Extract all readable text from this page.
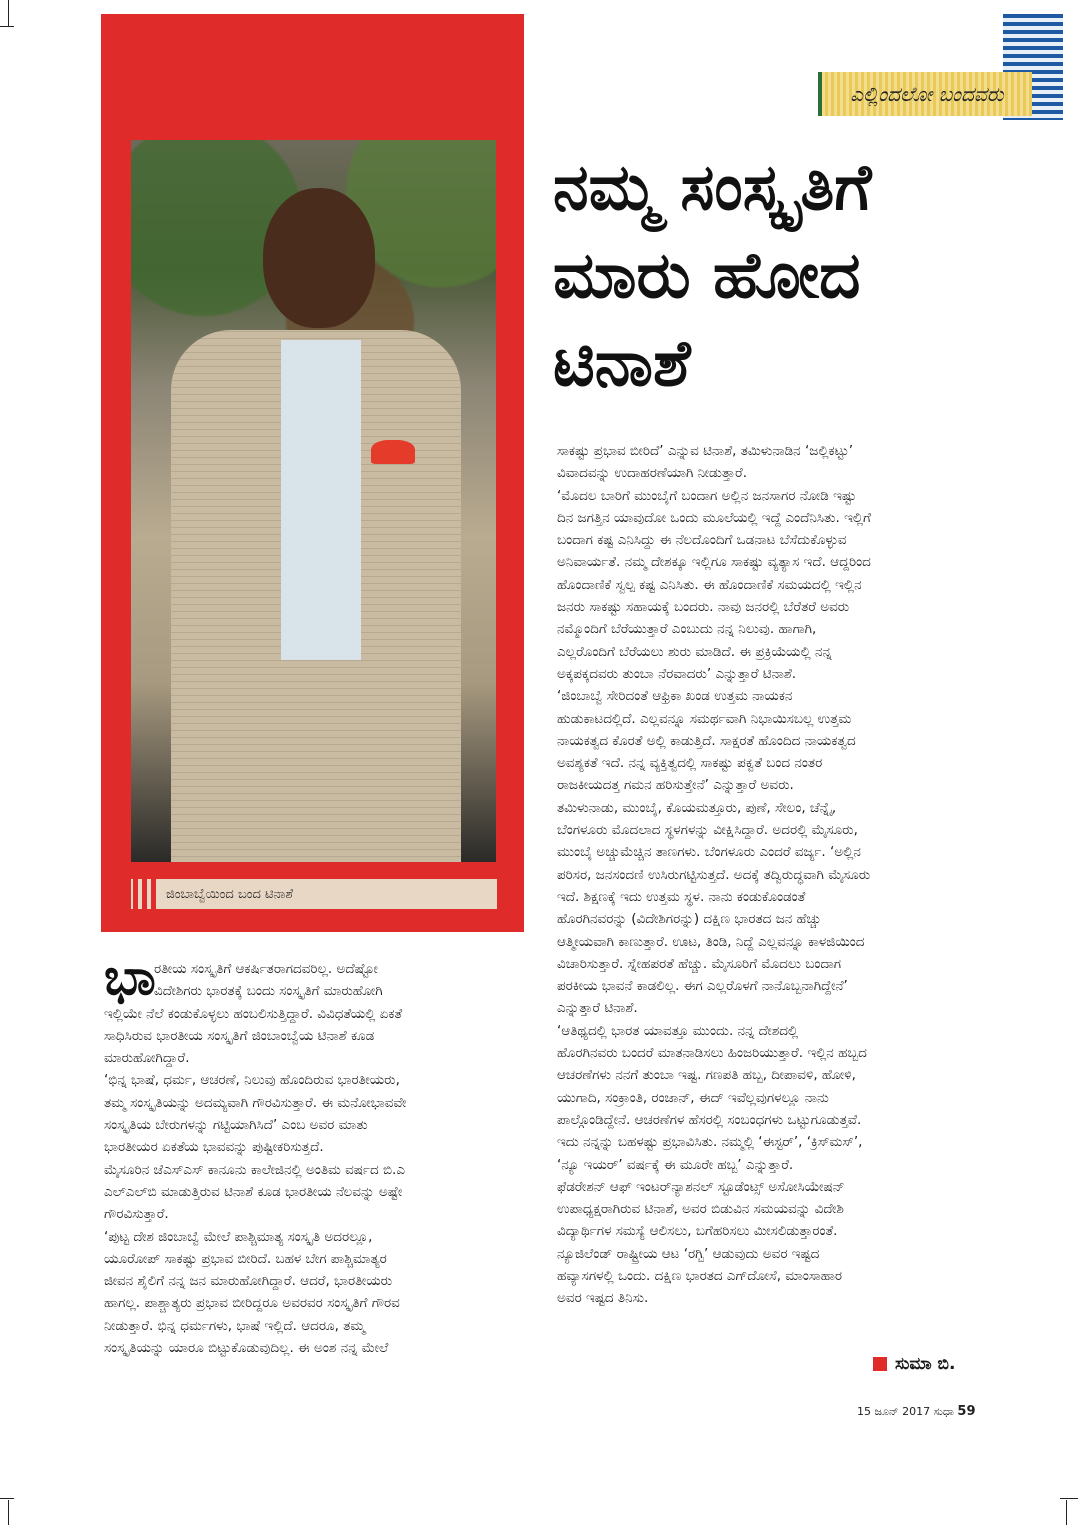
ಜಿಂಬಾಬ್ವೆಯಿಂದ ಬಂದ ಟಿನಾಶೆ
ಎಲ್ಲಿಂದಲೋ ಬಂದವರು
ನಮ್ಮ ಸಂಸ್ಕೃತಿಗೆ
ಮಾರು ಹೋದ
ಟಿನಾಶೆ
ಭಾ
ರತೀಯ ಸಂಸ್ಕೃತಿಗೆ ಆಕರ್ಷಿತರಾಗದವರಿಲ್ಲ. ಅದೆಷ್ಟೋ
ವಿದೇಶಿಗರು ಭಾರತಕ್ಕೆ ಬಂದು ಸಂಸ್ಕೃತಿಗೆ ಮಾರುಹೋಗಿ
ಇಲ್ಲಿಯೇ ನೆಲೆ ಕಂಡುಕೊಳ್ಳಲು ಹಂಬಲಿಸುತ್ತಿದ್ದಾರೆ. ವಿವಿಧತೆಯಲ್ಲಿ ಏಕತೆ
ಸಾಧಿಸಿರುವ ಭಾರತೀಯ ಸಂಸ್ಕೃತಿಗೆ ಜಿಂಬಾಂಬ್ವೆಯ ಟಿನಾಶೆ ಕೂಡ
ಮಾರುಹೋಗಿದ್ದಾರೆ.
‘ಭಿನ್ನ ಭಾಷೆ, ಧರ್ಮ, ಆಚರಣೆ, ನಿಲುವು ಹೊಂದಿರುವ ಭಾರತೀಯರು,
ತಮ್ಮ ಸಂಸ್ಕೃತಿಯನ್ನು ಅದಮ್ಯವಾಗಿ ಗೌರವಿಸುತ್ತಾರೆ. ಈ ಮನೋಭಾವವೇ
ಸಂಸ್ಕೃತಿಯ ಬೇರುಗಳನ್ನು ಗಟ್ಟಿಯಾಗಿಸಿದೆ’ ಎಂಬ ಅವರ ಮಾತು
ಭಾರತೀಯರ ಏಕತೆಯ ಭಾವವನ್ನು ಪುಷ್ಟೀಕರಿಸುತ್ತದೆ.
ಮೈಸೂರಿನ ಜೆಎಸ್‌ಎಸ್ ಕಾನೂನು ಕಾಲೇಜಿನಲ್ಲಿ ಅಂತಿಮ ವರ್ಷದ ಬಿ.ಎ
ಎಲ್‌ಎಲ್‌ಬಿ ಮಾಡುತ್ತಿರುವ ಟಿನಾಶೆ ಕೂಡ ಭಾರತೀಯ ನೆಲವನ್ನು ಅಷ್ಟೇ
ಗೌರವಿಸುತ್ತಾರೆ.
‘ಪುಟ್ಟ ದೇಶ ಜಿಂಬಾಬ್ವೆ ಮೇಲೆ ಪಾಶ್ಚಿಮಾತ್ಯ ಸಂಸ್ಕೃತಿ ಅದರಲ್ಲೂ,
ಯೂರೋಪ್ ಸಾಕಷ್ಟು ಪ್ರಭಾವ ಬೀರಿದೆ. ಬಹಳ ಬೇಗ ಪಾಶ್ಚಿಮಾತ್ಯರ
ಜೀವನ ಶೈಲಿಗೆ ನನ್ನ ಜನ ಮಾರುಹೋಗಿದ್ದಾರೆ. ಆದರೆ, ಭಾರತೀಯರು
ಹಾಗಲ್ಲ. ಪಾಶ್ಚಾತ್ಯರು ಪ್ರಭಾವ ಬೀರಿದ್ದರೂ ಅವರವರ ಸಂಸ್ಕೃತಿಗೆ ಗೌರವ
ನೀಡುತ್ತಾರೆ. ಭಿನ್ನ ಧರ್ಮಗಳು, ಭಾಷೆ ಇಲ್ಲಿದೆ. ಆದರೂ, ತಮ್ಮ
ಸಂಸ್ಕೃತಿಯನ್ನು ಯಾರೂ ಬಿಟ್ಟುಕೊಡುವುದಿಲ್ಲ. ಈ ಅಂಶ ನನ್ನ ಮೇಲೆ
ಸಾಕಷ್ಟು ಪ್ರಭಾವ ಬೀರಿದೆ’ ಎನ್ನುವ ಟಿನಾಶೆ, ತಮಿಳುನಾಡಿನ ‘ಜಲ್ಲಿಕಟ್ಟು’
ವಿವಾದವನ್ನು ಉದಾಹರಣೆಯಾಗಿ ನೀಡುತ್ತಾರೆ.
‘ಮೊದಲ ಬಾರಿಗೆ ಮುಂಬೈಗೆ ಬಂದಾಗ ಅಲ್ಲಿನ ಜನಸಾಗರ ನೋಡಿ ಇಷ್ಟು
ದಿನ ಜಗತ್ತಿನ ಯಾವುದೋ ಒಂದು ಮೂಲೆಯಲ್ಲಿ ಇದ್ದೆ ಎಂದೆನಿಸಿತು. ಇಲ್ಲಿಗೆ
ಬಂದಾಗ ಕಷ್ಟ ಎನಿಸಿದ್ದು ಈ ನೆಲದೊಂದಿಗೆ ಒಡನಾಟ ಬೆಸೆದುಕೊಳ್ಳುವ
ಅನಿವಾರ್ಯತೆ. ನಮ್ಮ ದೇಶಕ್ಕೂ ಇಲ್ಲಿಗೂ ಸಾಕಷ್ಟು ವ್ಯತ್ಯಾಸ ಇದೆ. ಆದ್ದರಿಂದ
ಹೊಂದಾಣಿಕೆ ಸ್ವಲ್ಪ ಕಷ್ಟ ಎನಿಸಿತು. ಈ ಹೊಂದಾಣಿಕೆ ಸಮಯದಲ್ಲಿ ಇಲ್ಲಿನ
ಜನರು ಸಾಕಷ್ಟು ಸಹಾಯಕ್ಕೆ ಬಂದರು. ನಾವು ಜನರಲ್ಲಿ ಬೆರೆತರೆ ಅವರು
ನಮ್ಮೊಂದಿಗೆ ಬೆರೆಯುತ್ತಾರೆ ಎಂಬುದು ನನ್ನ ನಿಲುವು. ಹಾಗಾಗಿ,
ಎಲ್ಲರೊಂದಿಗೆ ಬೆರೆಯಲು ಶುರು ಮಾಡಿದೆ. ಈ ಪ್ರಕ್ರಿಯೆಯಲ್ಲಿ ನನ್ನ
ಅಕ್ಕಪಕ್ಕದವರು ತುಂಬಾ ನೆರವಾದರು’ ಎನ್ನುತ್ತಾರೆ ಟಿನಾಶೆ.
‘ಜಿಂಬಾಬ್ವೆ ಸೇರಿದಂತೆ ಆಫ್ರಿಕಾ ಖಂಡ ಉತ್ತಮ ನಾಯಕನ
ಹುಡುಕಾಟದಲ್ಲಿದೆ. ಎಲ್ಲವನ್ನೂ ಸಮರ್ಥವಾಗಿ ನಿಭಾಯಿಸಬಲ್ಲ ಉತ್ತಮ
ನಾಯಕತ್ವದ ಕೊರತೆ ಅಲ್ಲಿ ಕಾಡುತ್ತಿದೆ. ಸಾಕ್ಷರತೆ ಹೊಂದಿದ ನಾಯಕತ್ವದ
ಅವಶ್ಯಕತೆ ಇದೆ. ನನ್ನ ವ್ಯಕ್ತಿತ್ವದಲ್ಲಿ ಸಾಕಷ್ಟು ಪಕ್ವತೆ ಬಂದ ನಂತರ
ರಾಜಕೀಯದತ್ತ ಗಮನ ಹರಿಸುತ್ತೇನೆ’ ಎನ್ನುತ್ತಾರೆ ಅವರು.
ತಮಿಳುನಾಡು, ಮುಂಬೈ, ಕೊಯಮತ್ತೂರು, ಪುಣೆ, ಸೇಲಂ, ಚೆನ್ನೈ,
ಬೆಂಗಳೂರು ಮೊದಲಾದ ಸ್ಥಳಗಳನ್ನು ವೀಕ್ಷಿಸಿದ್ದಾರೆ. ಅದರಲ್ಲಿ ಮೈಸೂರು,
ಮುಂಬೈ ಅಚ್ಚುಮೆಚ್ಚಿನ ತಾಣಗಳು. ಬೆಂಗಳೂರು ಎಂದರೆ ವರ್ಜ್ಯ. ‘ಅಲ್ಲಿನ
ಪರಿಸರ, ಜನಸಂದಣಿ ಉಸಿರುಗಟ್ಟಿಸುತ್ತದೆ. ಅದಕ್ಕೆ ತದ್ವಿರುದ್ಧವಾಗಿ ಮೈಸೂರು
ಇದೆ. ಶಿಕ್ಷಣಕ್ಕೆ ಇದು ಉತ್ತಮ ಸ್ಥಳ. ನಾನು ಕಂಡುಕೊಂಡಂತೆ
ಹೊರಗಿನವರನ್ನು (ವಿದೇಶಿಗರನ್ನು) ದಕ್ಷಿಣ ಭಾರತದ ಜನ ಹೆಚ್ಚು
ಆತ್ಮೀಯವಾಗಿ ಕಾಣುತ್ತಾರೆ. ಊಟ, ತಿಂಡಿ, ನಿದ್ದೆ ಎಲ್ಲವನ್ನೂ ಕಾಳಜಿಯಿಂದ
ವಿಚಾರಿಸುತ್ತಾರೆ. ಸ್ನೇಹಪರತೆ ಹೆಚ್ಚು. ಮೈಸೂರಿಗೆ ಮೊದಲು ಬಂದಾಗ
ಪರಕೀಯ ಭಾವನೆ ಕಾಡಲಿಲ್ಲ. ಈಗ ಎಲ್ಲರೊಳಗೆ ನಾನೊಬ್ಬನಾಗಿದ್ದೇನೆ’
ಎನ್ನುತ್ತಾರೆ ಟಿನಾಶೆ.
‘ಆತಿಥ್ಯದಲ್ಲಿ ಭಾರತ ಯಾವತ್ತೂ ಮುಂದು. ನನ್ನ ದೇಶದಲ್ಲಿ
ಹೊರಗಿನವರು ಬಂದರೆ ಮಾತನಾಡಿಸಲು ಹಿಂಜರಿಯುತ್ತಾರೆ. ಇಲ್ಲಿನ ಹಬ್ಬದ
ಆಚರಣೆಗಳು ನನಗೆ ತುಂಬಾ ಇಷ್ಟ. ಗಣಪತಿ ಹಬ್ಬ, ದೀಪಾವಳಿ, ಹೋಳಿ,
ಯುಗಾದಿ, ಸಂಕ್ರಾಂತಿ, ರಂಜಾನ್, ಈದ್ ಇವೆಲ್ಲವುಗಳಲ್ಲೂ ನಾನು
ಪಾಲ್ಗೊಂಡಿದ್ದೇನೆ. ಆಚರಣೆಗಳ ಹೆಸರಲ್ಲಿ ಸಂಬಂಧಗಳು ಒಟ್ಟುಗೂಡುತ್ತವೆ.
ಇದು ನನ್ನನ್ನು ಬಹಳಷ್ಟು ಪ್ರಭಾವಿಸಿತು. ನಮ್ಮಲ್ಲಿ ‘ಈಸ್ಟರ್’, ‘ಕ್ರಿಸ್‌ಮಸ್’,
‘ನ್ಯೂ ಇಯರ್’ ವರ್ಷಕ್ಕೆ ಈ ಮೂರೇ ಹಬ್ಬ’ ಎನ್ನುತ್ತಾರೆ.
ಫೆಡರೇಶನ್ ಆಫ್ ಇಂಟರ್‌ನ್ಯಾಶನಲ್ ಸ್ಟೂಡೆಂಟ್ಸ್ ಅಸೋಸಿಯೇಷನ್
ಉಪಾಧ್ಯಕ್ಷರಾಗಿರುವ ಟಿನಾಶೆ, ಅವರ ಬಿಡುವಿನ ಸಮಯವನ್ನು ವಿದೇಶಿ
ವಿದ್ಯಾರ್ಥಿಗಳ ಸಮಸ್ಯೆ ಆಲಿಸಲು, ಬಗೆಹರಿಸಲು ಮೀಸಲಿಡುತ್ತಾರಂತೆ.
ನ್ಯೂಜಿಲೆಂಡ್ ರಾಷ್ಟ್ರೀಯ ಆಟ ‘ರಗ್ಬಿ’ ಆಡುವುದು ಅವರ ಇಷ್ಟದ
ಹವ್ಯಾಸಗಳಲ್ಲಿ ಒಂದು. ದಕ್ಷಿಣ ಭಾರತದ ಎಗ್‌ದೋಸೆ, ಮಾಂಸಾಹಾರ
ಅವರ ಇಷ್ಟದ ತಿನಿಸು.
ಸುಮಾ ಬಿ.
15 ಜೂನ್ 2017 ಸುಧಾ 59
